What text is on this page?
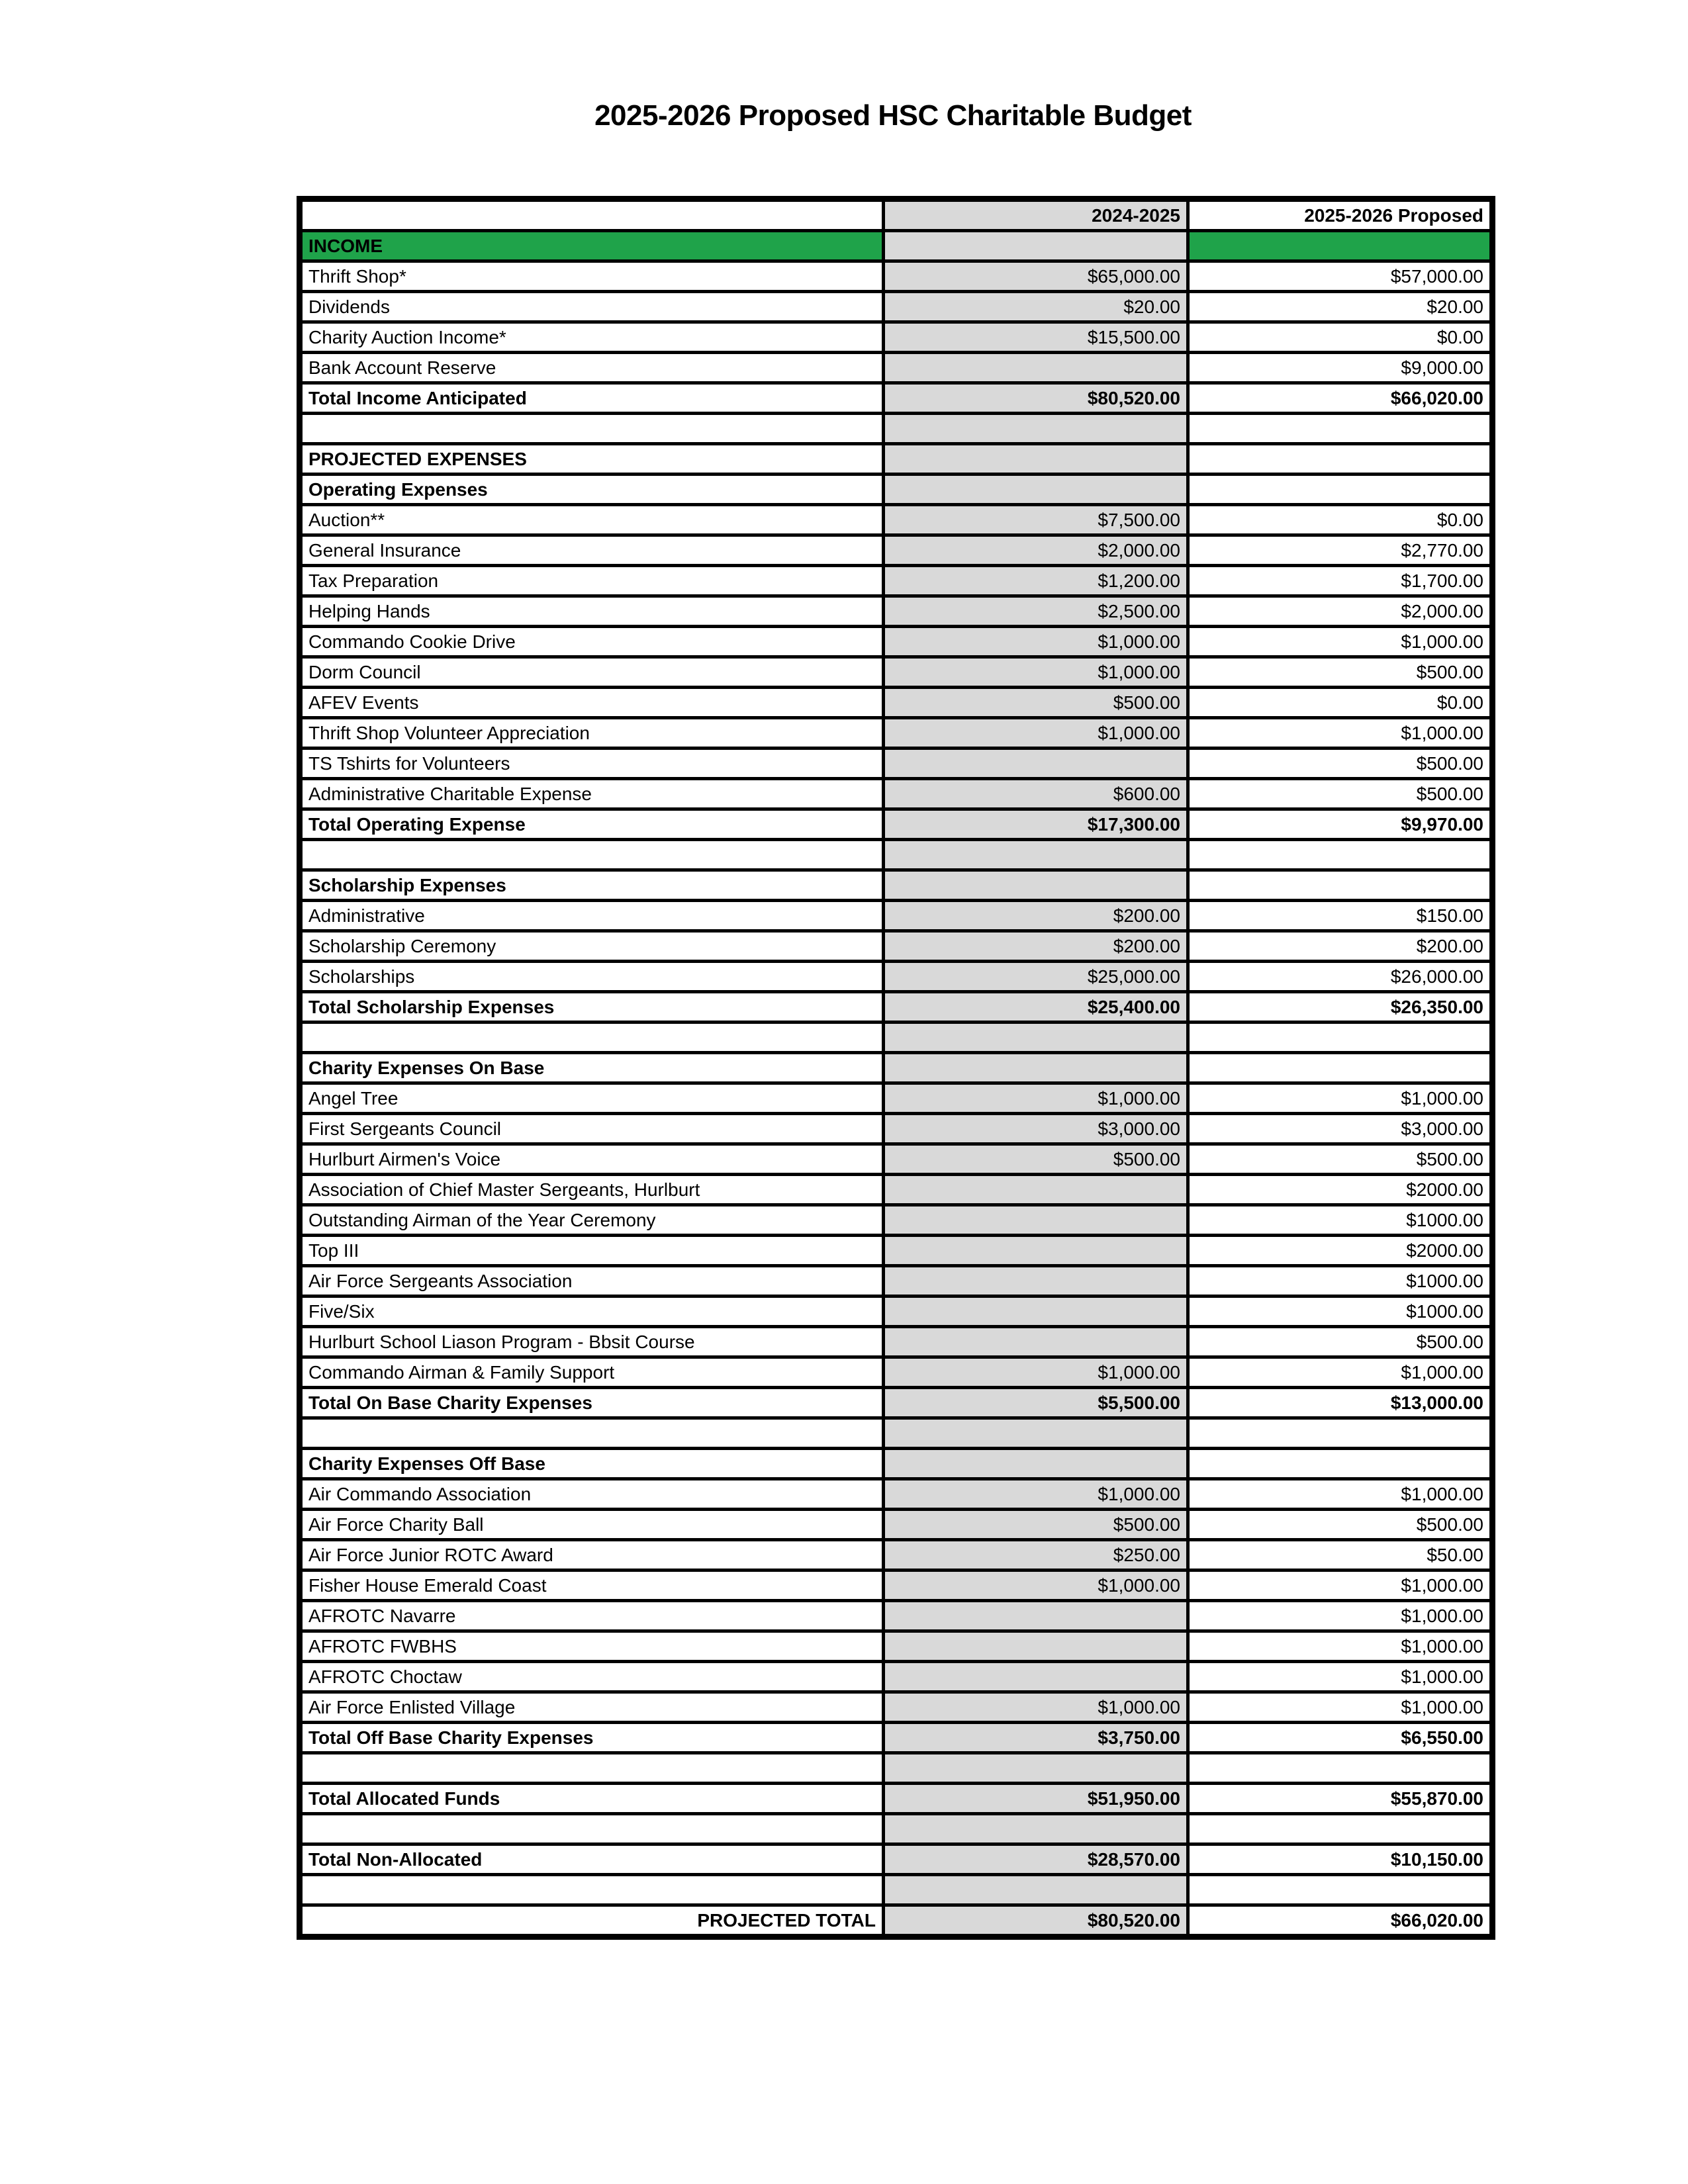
2025-2026 Proposed HSC Charitable Budget
	2024-2025	2025-2026 Proposed
INCOME		
Thrift Shop*	$65,000.00	$57,000.00
Dividends	$20.00	$20.00
Charity Auction Income*	$15,500.00	$0.00
Bank Account Reserve		$9,000.00
Total Income Anticipated	$80,520.00	$66,020.00

PROJECTED EXPENSES		
Operating Expenses		
Auction**	$7,500.00	$0.00
General Insurance	$2,000.00	$2,770.00
Tax Preparation	$1,200.00	$1,700.00
Helping Hands	$2,500.00	$2,000.00
Commando Cookie Drive	$1,000.00	$1,000.00
Dorm Council	$1,000.00	$500.00
AFEV Events	$500.00	$0.00
Thrift Shop Volunteer Appreciation	$1,000.00	$1,000.00
TS Tshirts for Volunteers		$500.00
Administrative Charitable Expense	$600.00	$500.00
Total Operating Expense	$17,300.00	$9,970.00

Scholarship Expenses		
Administrative	$200.00	$150.00
Scholarship Ceremony	$200.00	$200.00
Scholarships	$25,000.00	$26,000.00
Total Scholarship Expenses	$25,400.00	$26,350.00

Charity Expenses On Base		
Angel Tree	$1,000.00	$1,000.00
First Sergeants Council	$3,000.00	$3,000.00
Hurlburt Airmen's Voice	$500.00	$500.00
Association of Chief Master Sergeants, Hurlburt		$2000.00
Outstanding Airman of the Year Ceremony		$1000.00
Top III		$2000.00
Air Force Sergeants Association		$1000.00
Five/Six		$1000.00
Hurlburt School Liason Program - Bbsit Course		$500.00
Commando Airman & Family Support	$1,000.00	$1,000.00
Total On Base Charity Expenses	$5,500.00	$13,000.00

Charity Expenses Off Base		
Air Commando Association	$1,000.00	$1,000.00
Air Force Charity Ball	$500.00	$500.00
Air Force Junior ROTC Award	$250.00	$50.00
Fisher House Emerald Coast	$1,000.00	$1,000.00
AFROTC Navarre		$1,000.00
AFROTC FWBHS		$1,000.00
AFROTC Choctaw		$1,000.00
Air Force Enlisted Village	$1,000.00	$1,000.00
Total Off Base Charity Expenses	$3,750.00	$6,550.00

Total Allocated Funds	$51,950.00	$55,870.00

Total Non-Allocated	$28,570.00	$10,150.00

PROJECTED TOTAL	$80,520.00	$66,020.00
